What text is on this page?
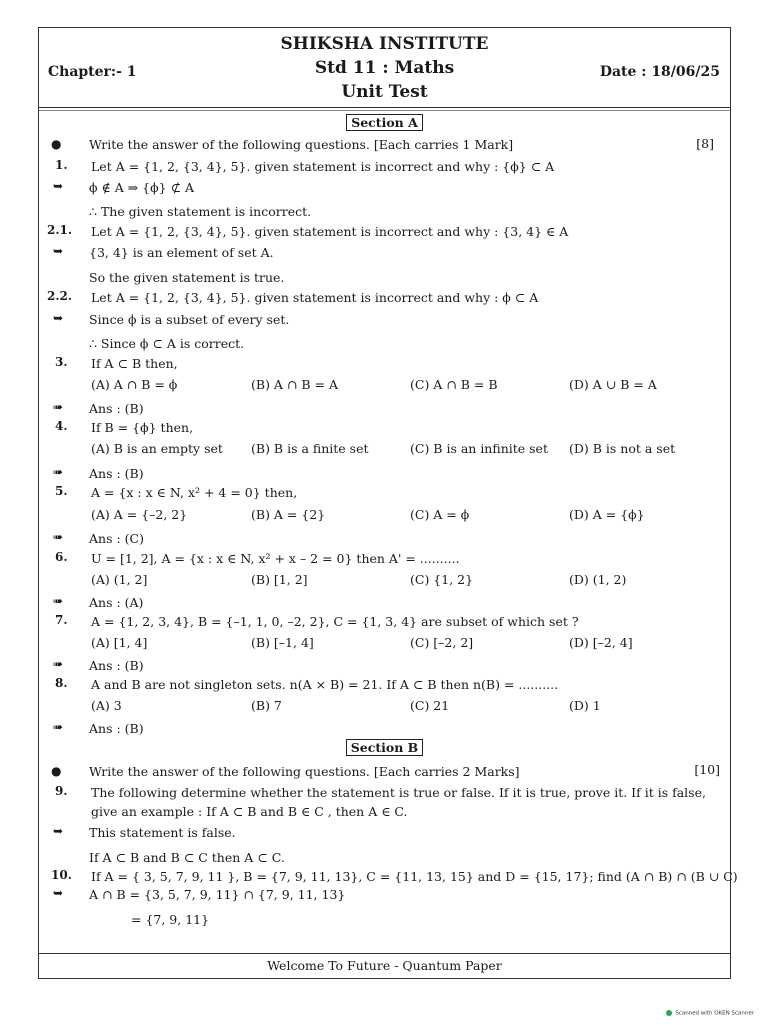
SHIKSHA INSTITUTE
Chapter:- 1	Std 11 : Maths	Date : 18/06/25
Unit Test
Section A
● Write the answer of the following questions. [Each carries 1 Mark]	[8]
1. Let A = {1, 2, {3, 4}, 5}. given statement is incorrect and why : {ϕ} ⊂ A
➥ ϕ ∉ A ⇒ {ϕ} ⊄ A
∴ The given statement is incorrect.
2.1. Let A = {1, 2, {3, 4}, 5}. given statement is incorrect and why : {3, 4} ∈ A
➥ {3, 4} is an element of set A.
So the given statement is true.
2.2. Let A = {1, 2, {3, 4}, 5}. given statement is incorrect and why : ϕ ⊂ A
➥ Since ϕ is a subset of every set.
∴ Since ϕ ⊂ A is correct.
3. If A ⊂ B then,
(A) A ∩ B = ϕ	(B) A ∩ B = A	(C) A ∩ B = B	(D) A ∪ B = A
➠ Ans : (B)
4. If B = {ϕ} then,
(A) B is an empty set (B) B is a finite set	(C) B is an infinite set (D) B is not a set
➠ Ans : (B)
5. A = {x : x ∈ N, x² + 4 = 0} then,
(A) A = {–2, 2}	(B) A = {2}	(C) A = ϕ	(D) A = {ϕ}
➠ Ans : (C)
6. U = [1, 2], A = {x : x ∈ N, x² + x – 2 = 0} then A' = ..........
(A) (1, 2]	(B) [1, 2]	(C) {1, 2}	(D) (1, 2)
➠ Ans : (A)
7. A = {1, 2, 3, 4}, B = {–1, 1, 0, –2, 2}, C = {1, 3, 4} are subset of which set ?
(A) [1, 4]	(B) [–1, 4]	(C) [–2, 2]	(D) [–2, 4]
➠ Ans : (B)
8. A and B are not singleton sets. n(A × B) = 21. If A ⊂ B then n(B) = ..........
(A) 3	(B) 7	(C) 21	(D) 1
➠ Ans : (B)
Section B
● Write the answer of the following questions. [Each carries 2 Marks]	[10]
9. The following determine whether the statement is true or false. If it is true, prove it. If it is false,
give an example : If A ⊂ B and B ∈ C , then A ∈ C.
➥ This statement is false.
If A ⊂ B and B ⊂ C then A ⊂ C.
10. If A = { 3, 5, 7, 9, 11 }, B = {7, 9, 11, 13}, C = {11, 13, 15} and D = {15, 17}; find (A ∩ B) ∩ (B ∪ C)
➥ A ∩ B = {3, 5, 7, 9, 11} ∩ {7, 9, 11, 13}
= {7, 9, 11}
Welcome To Future - Quantum Paper
Scanned with OKEN Scanner
